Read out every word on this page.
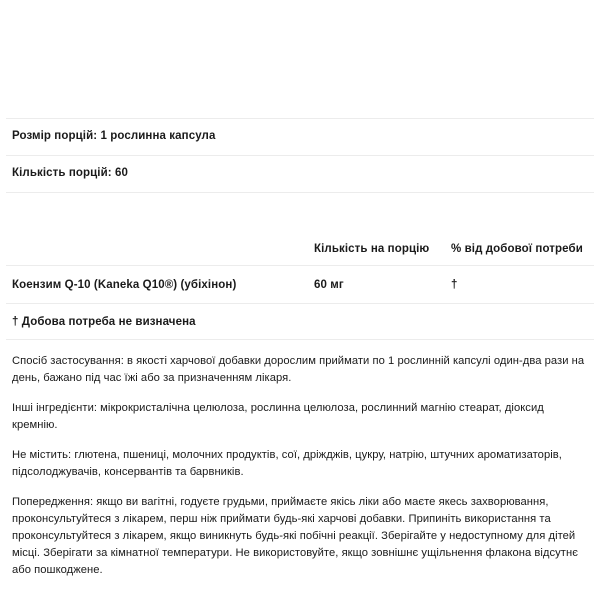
Розмір порцій: 1 рослинна капсула
Кількість порцій: 60
	Кількість на порцію	% від добової потреби
Коензим Q-10 (Kaneka Q10®) (убіхінон)	60 мг	†
† Добова потреба не визначена

Спосіб застосування: в якості харчової добавки дорослим приймати по 1 рослинній капсулі один-два рази на день, бажано під час їжі або за призначенням лікаря.

Інші інгредієнти: мікрокристалічна целюлоза, рослинна целюлоза, рослинний магнію стеарат, діоксид кремнію.

Не містить: глютена, пшениці, молочних продуктів, сої, дріжджів, цукру, натрію, штучних ароматизаторів, підсолоджувачів, консервантів та барвників.

Попередження: якщо ви вагітні, годуєте грудьми, приймаєте якісь ліки або маєте якесь захворювання, проконсультуйтеся з лікарем, перш ніж приймати будь-які харчові добавки. Припиніть використання та проконсультуйтеся з лікарем, якщо виникнуть будь-які побічні реакції. Зберігайте у недоступному для дітей місці. Зберігати за кімнатної температури. Не використовуйте, якщо зовнішнє ущільнення флакона відсутнє або пошкоджене.
